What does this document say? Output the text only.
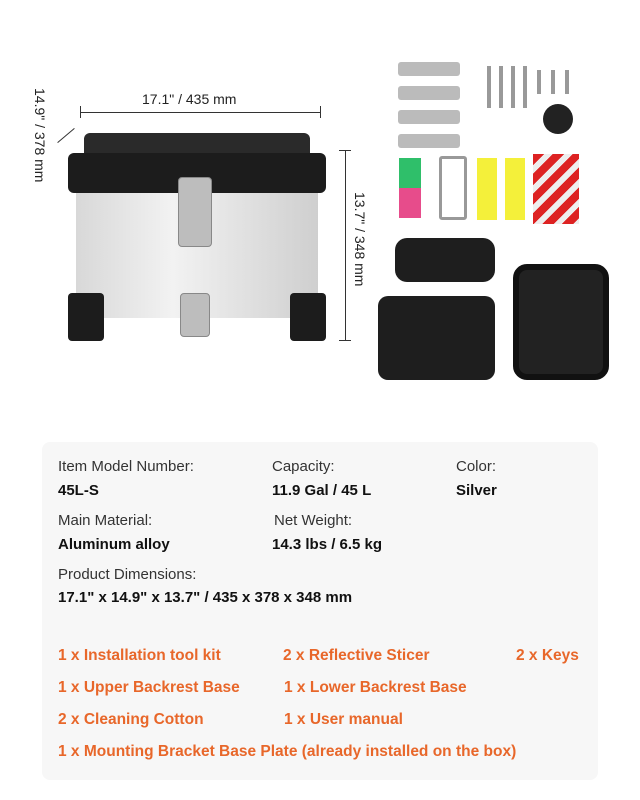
17.1" / 435 mm
14.9" / 378 mm
13.7" / 348 mm
Item Model Number:
45L-S
Capacity:
11.9 Gal / 45 L
Color:
Silver
Main Material:
Aluminum alloy
Net Weight:
14.3 lbs / 6.5 kg
Product Dimensions:
17.1" x 14.9" x 13.7" / 435 x 378 x 348 mm
1 x Installation tool kit	2 x Reflective Sticer	2 x Keys
1 x Upper Backrest Base	1 x Lower Backrest Base
2 x Cleaning Cotton	1 x User manual
1 x Mounting Bracket Base Plate (already installed on the box)
